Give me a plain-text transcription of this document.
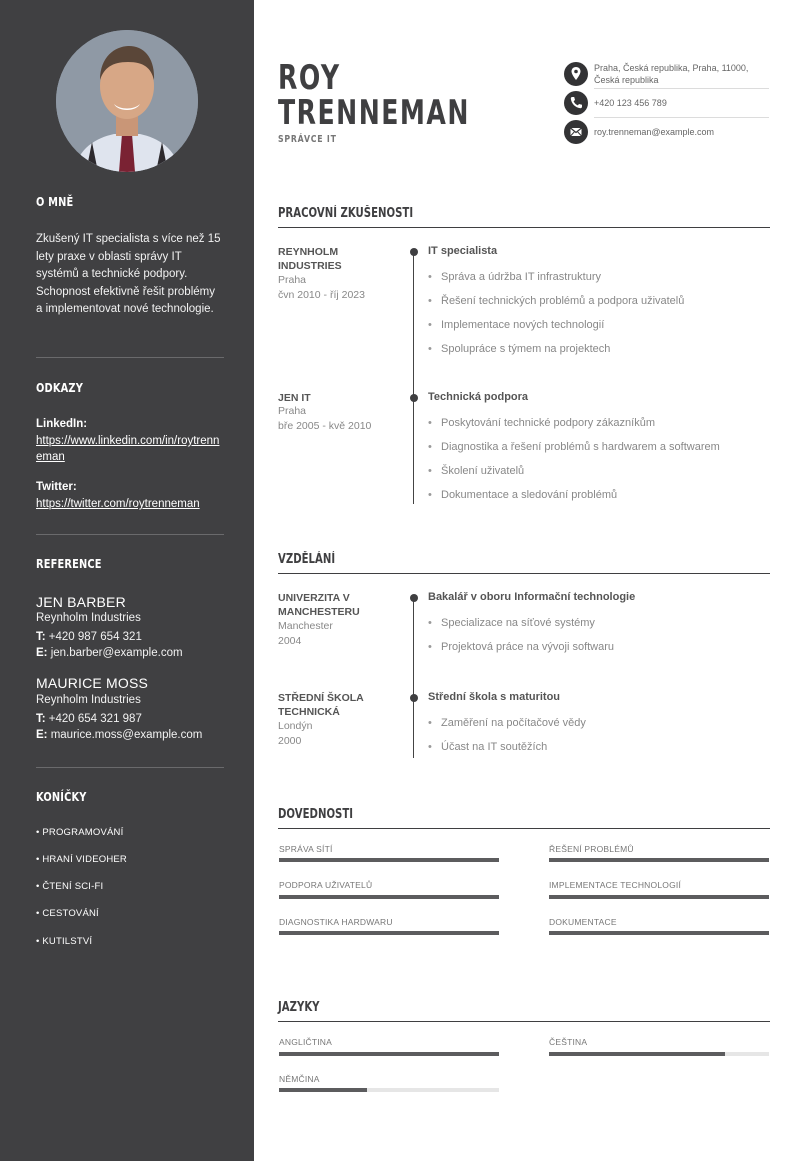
O MNĚ
Zkušený IT specialista s více než 15 lety praxe v oblasti správy IT systémů a technické podpory. Schopnost efektivně řešit problémy a implementovat nové technologie.
ODKAZY
LinkedIn:
https://www.linkedin.com/in/roytrenneman
Twitter:
https://twitter.com/roytrenneman
REFERENCE
JEN BARBER
Reynholm Industries
T: +420 987 654 321
E: jen.barber@example.com
MAURICE MOSS
Reynholm Industries
T: +420 654 321 987
E: maurice.moss@example.com
KONÍČKY
• PROGRAMOVÁNÍ
• HRANÍ VIDEOHER
• ČTENÍ SCI-FI
• CESTOVÁNÍ
• KUTILSTVÍ
ROY
TRENNEMAN
SPRÁVCE IT
Praha, Česká republika, Praha, 11000, Česká republika
+420 123 456 789
roy.trenneman@example.com
PRACOVNÍ ZKUŠENOSTI
REYNHOLM INDUSTRIES
Praha
čvn 2010 - říj 2023
IT specialista
• Správa a údržba IT infrastruktury
• Řešení technických problémů a podpora uživatelů
• Implementace nových technologií
• Spolupráce s týmem na projektech
JEN IT
Praha
bře 2005 - kvě 2010
Technická podpora
• Poskytování technické podpory zákazníkům
• Diagnostika a řešení problémů s hardwarem a softwarem
• Školení uživatelů
• Dokumentace a sledování problémů
VZDĚLÁNÍ
UNIVERZITA V MANCHESTERU
Manchester
2004
Bakalář v oboru Informační technologie
• Specializace na síťové systémy
• Projektová práce na vývoji softwaru
STŘEDNÍ ŠKOLA TECHNICKÁ
Londýn
2000
Střední škola s maturitou
• Zaměření na počítačové vědy
• Účast na IT soutěžích
DOVEDNOSTI
SPRÁVA SÍTÍ	ŘEŠENÍ PROBLÉMŮ
PODPORA UŽIVATELŮ	IMPLEMENTACE TECHNOLOGIÍ
DIAGNOSTIKA HARDWARU	DOKUMENTACE
JAZYKY
ANGLIČTINA	ČEŠTINA
NĚMČINA
